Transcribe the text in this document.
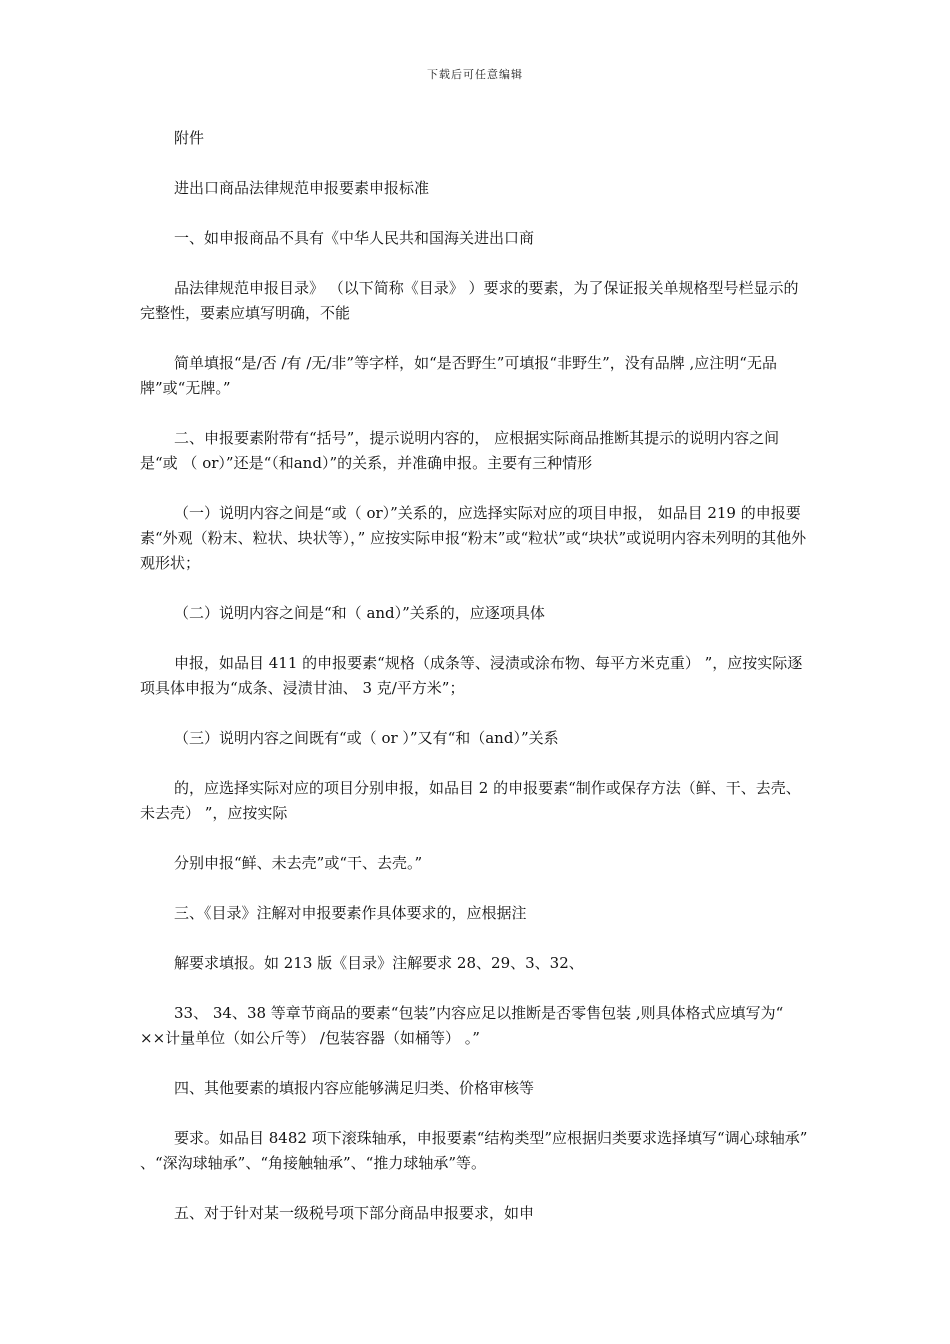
下载后可任意编辑

附件

进出口商品法律规范申报要素申报标准

一、如申报商品不具有《中华人民共和国海关进出口商

品法律规范申报目录》 （以下简称《目录》 ）要求的要素，为了保证报关单规格型号栏显示的完整性，要素应填写明确，不能

简单填报“是/否 /有 /无/非”等字样，如“是否野生”可填报“非野生”，没有品牌 ,应注明“无品牌”或“无牌。”

二、申报要素附带有“括号”，提示说明内容的， 应根据实际商品推断其提示的说明内容之间是“或 （ or）”还是“（和and）”的关系，并准确申报。主要有三种情形

（一）说明内容之间是“或（ or）”关系的，应选择实际对应的项目申报， 如品目 219 的申报要素“外观（粉末、粒状、块状等），” 应按实际申报“粉末”或“粒状”或“块状”或说明内容未列明的其他外观形状；

（二）说明内容之间是“和（ and）”关系的，应逐项具体

申报，如品目 411 的申报要素“规格（成条等、浸渍或涂布物、每平方米克重） ”，应按实际逐项具体申报为“成条、浸渍甘油、 3 克/平方米”；

（三）说明内容之间既有“或（ or ）”又有“和（and）”关系

的，应选择实际对应的项目分别申报，如品目 2 的申报要素“制作或保存方法（鲜、干、去壳、未去壳） ”，应按实际

分别申报“鲜、未去壳”或“干、去壳。”

三、《目录》注解对申报要素作具体要求的，应根据注

解要求填报。如 213 版《目录》注解要求 28、29、3、32、

33、 34、38 等章节商品的要素“包装”内容应足以推断是否零售包装 ,则具体格式应填写为“ ××计量单位（如公斤等） /包装容器（如桶等） 。”

四、其他要素的填报内容应能够满足归类、价格审核等

要求。如品目 8482 项下滚珠轴承，申报要素“结构类型”应根据归类要求选择填写“调心球轴承” 、“深沟球轴承”、“角接触轴承”、“推力球轴承”等。

五、对于针对某一级税号项下部分商品申报要求，如申
